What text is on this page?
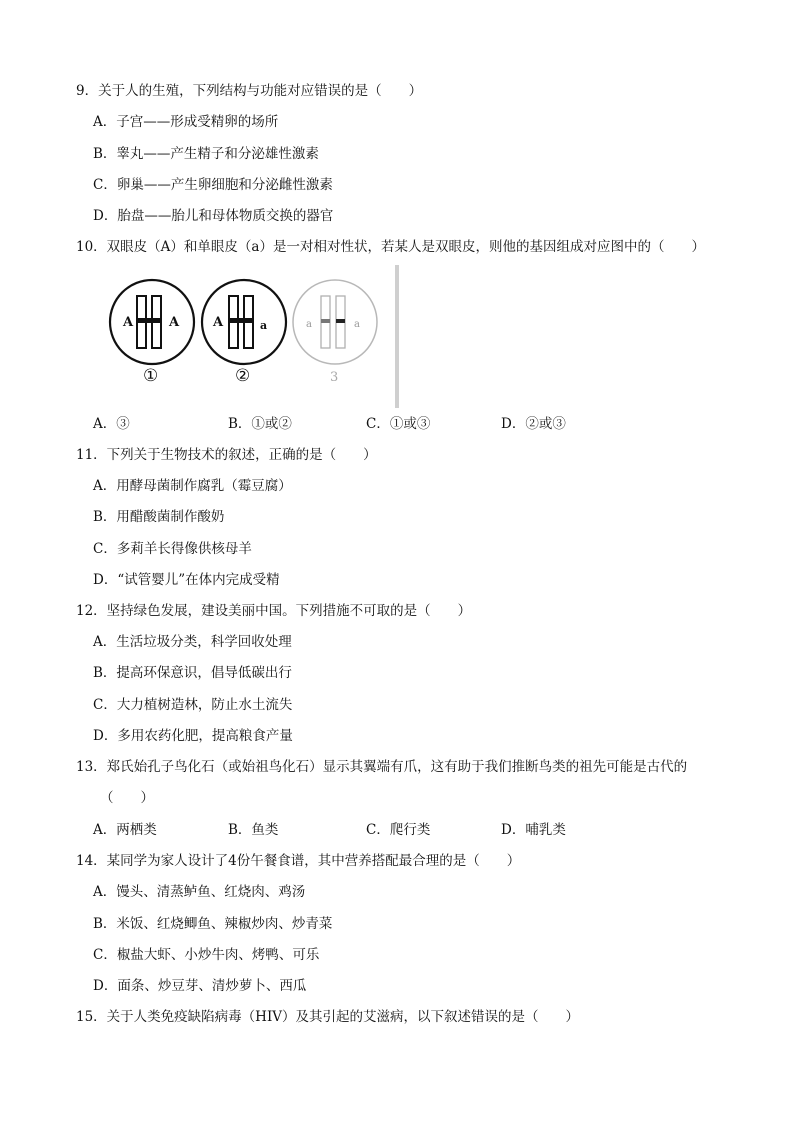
9．关于人的生殖，下列结构与功能对应错误的是（　　）
A．子宫——形成受精卵的场所
B．睾丸——产生精子和分泌雄性激素
C．卵巢——产生卵细胞和分泌雌性激素
D．胎盘——胎儿和母体物质交换的器官
10．双眼皮（A）和单眼皮（a）是一对相对性状，若某人是双眼皮，则他的基因组成对应图中的（　　）
A	A
①
A	a
②
a	a
3
A．③	B．①或②	C．①或③	D．②或③
11．下列关于生物技术的叙述，正确的是（　　）
A．用酵母菌制作腐乳（霉豆腐）
B．用醋酸菌制作酸奶
C．多莉羊长得像供核母羊
D．“试管婴儿”在体内完成受精
12．坚持绿色发展，建设美丽中国。下列措施不可取的是（　　）
A．生活垃圾分类，科学回收处理
B．提高环保意识，倡导低碳出行
C．大力植树造林，防止水土流失
D．多用农药化肥，提高粮食产量
13．郑氏始孔子鸟化石（或始祖鸟化石）显示其翼端有爪，这有助于我们推断鸟类的祖先可能是古代的
（　　）
A．两栖类	B．鱼类	C．爬行类	D．哺乳类
14．某同学为家人设计了4份午餐食谱，其中营养搭配最合理的是（　　）
A．馒头、清蒸鲈鱼、红烧肉、鸡汤
B．米饭、红烧鲫鱼、辣椒炒肉、炒青菜
C．椒盐大虾、小炒牛肉、烤鸭、可乐
D．面条、炒豆芽、清炒萝卜、西瓜
15．关于人类免疫缺陷病毒（HIV）及其引起的艾滋病，以下叙述错误的是（　　）
